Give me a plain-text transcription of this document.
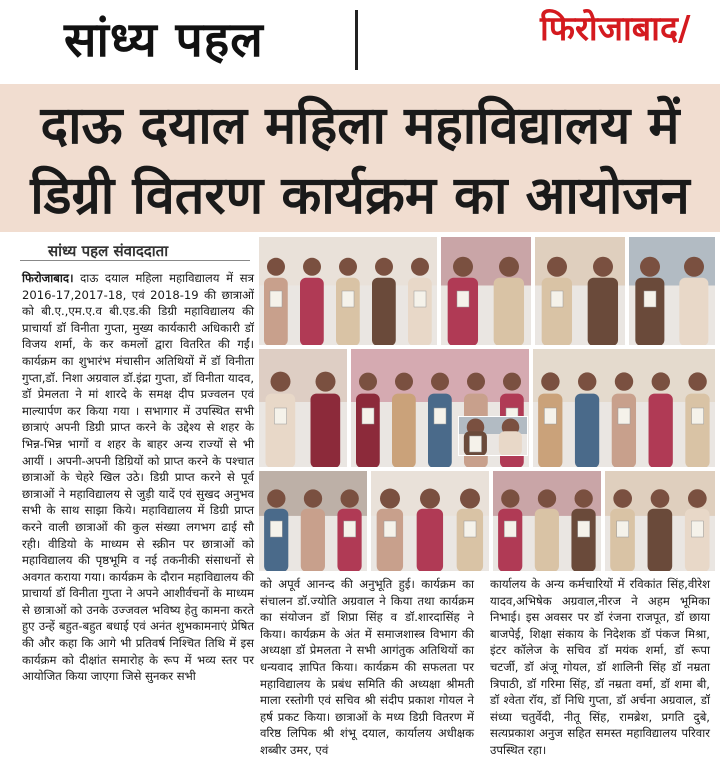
सांध्य पहल	फिरोजाबाद/
दाऊ दयाल महिला महाविद्यालय में
डिग्री वितरण कार्यक्रम का आयोजन
सांध्य पहल संवाददाता

फिरोजाबाद। दाऊ दयाल महिला महाविद्यालय में सत्र 2016-17,2017-18, एवं 2018-19 की छात्राओं को बी.ए.,एम.ए.व बी.एड.की डिग्री महाविद्यालय की प्राचार्या डॉ विनीता गुप्ता, मुख्य कार्यकारी अधिकारी डॉ विजय शर्मा, के कर कमलों द्वारा वितरित की गईं। कार्यक्रम का शुभारंभ मंचासीन अतिथियों में डॉ विनीता गुप्ता,डॉ. निशा अग्रवाल डॉ.इंद्रा गुप्ता, डॉ विनीता यादव, डॉ प्रेमलता ने मां शारदे के समक्ष दीप प्रज्वलन एवं माल्यार्पण कर किया गया । सभागार में उपस्थित सभी छात्राएं अपनी डिग्री प्राप्त करने के उद्देश्य से शहर के भिन्न-भिन्न भागों व शहर के बाहर अन्य राज्यों से भी आयीं । अपनी-अपनी डिग्रियों को प्राप्त करने के पश्चात छात्राओं के चेहरे खिल उठे। डिग्री प्राप्त करने से पूर्व छात्राओं ने महाविद्यालय से जुड़ी यादें एवं सुखद अनुभव सभी के साथ साझा किये। महाविद्यालय में डिग्री प्राप्त करने वाली छात्राओं की कुल संख्या लगभग ढाई सौ रही। वीडियो के माध्यम से स्क्रीन पर छात्राओं को महाविद्यालय की पृष्ठभूमि व नई तकनीकी संसाधनों से अवगत कराया गया। कार्यक्रम के दौरान महाविद्यालय की प्राचार्या डॉ विनीता गुप्ता ने अपने आशीर्वचनों के माध्यम से छात्राओं को उनके उज्जवल भविष्य हेतु कामना करते हुए उन्हें बहुत-बहुत बधाई एवं अनंत शुभकामनाएं प्रेषित की और कहा कि आगे भी प्रतिवर्ष निश्चित तिथि में इस कार्यक्रम को दीक्षांत समारोह के रूप में भव्य स्तर पर आयोजित किया जाएगा जिसे सुनकर सभी

को अपूर्व आनन्द की अनुभूति हुई। कार्यक्रम का संचालन डॉ.ज्योति अग्रवाल ने किया तथा कार्यक्रम का संयोजन डॉ शिप्रा सिंह व डॉ.शारदासिंह ने किया। कार्यक्रम के अंत में समाजशास्त्र विभाग की अध्यक्षा डॉ प्रेमलता ने सभी आगंतुक अतिथियों का धन्यवाद ज्ञापित किया। कार्यक्रम की सफलता पर महाविद्यालय के प्रबंध समिति की अध्यक्षा श्रीमती माला रस्तोगी एवं सचिव श्री संदीप प्रकाश गोयल ने हर्ष प्रकट किया। छात्राओं के मध्य डिग्री वितरण में वरिष्ठ लिपिक श्री शंभू दयाल, कार्यालय अधीक्षक शब्बीर उमर, एवं

कार्यालय के अन्य कर्मचारियों में रविकांत सिंह,वीरेश यादव,अभिषेक अग्रवाल,नीरज ने अहम भूमिका निभाई। इस अवसर पर डॉ रंजना राजपूत, डॉ छाया बाजपेई, शिक्षा संकाय के निदेशक डॉ पंकज मिश्रा, इंटर कॉलेज के सचिव डॉ मयंक शर्मा, डॉ रूपा चटर्जी, डॉ अंजू गोयल, डॉ शालिनी सिंह डॉ नम्रता त्रिपाठी, डॉ गरिमा सिंह, डॉ नम्रता वर्मा, डॉ शमा बी, डॉ श्वेता रॉय, डॉ निधि गुप्ता, डॉ अर्चना अग्रवाल, डॉ संध्या चतुर्वेदी, नीतू सिंह, रामब्रेश, प्रगति दुबे, सत्यप्रकाश अनुज सहित समस्त महाविद्यालय परिवार उपस्थित रहा।
